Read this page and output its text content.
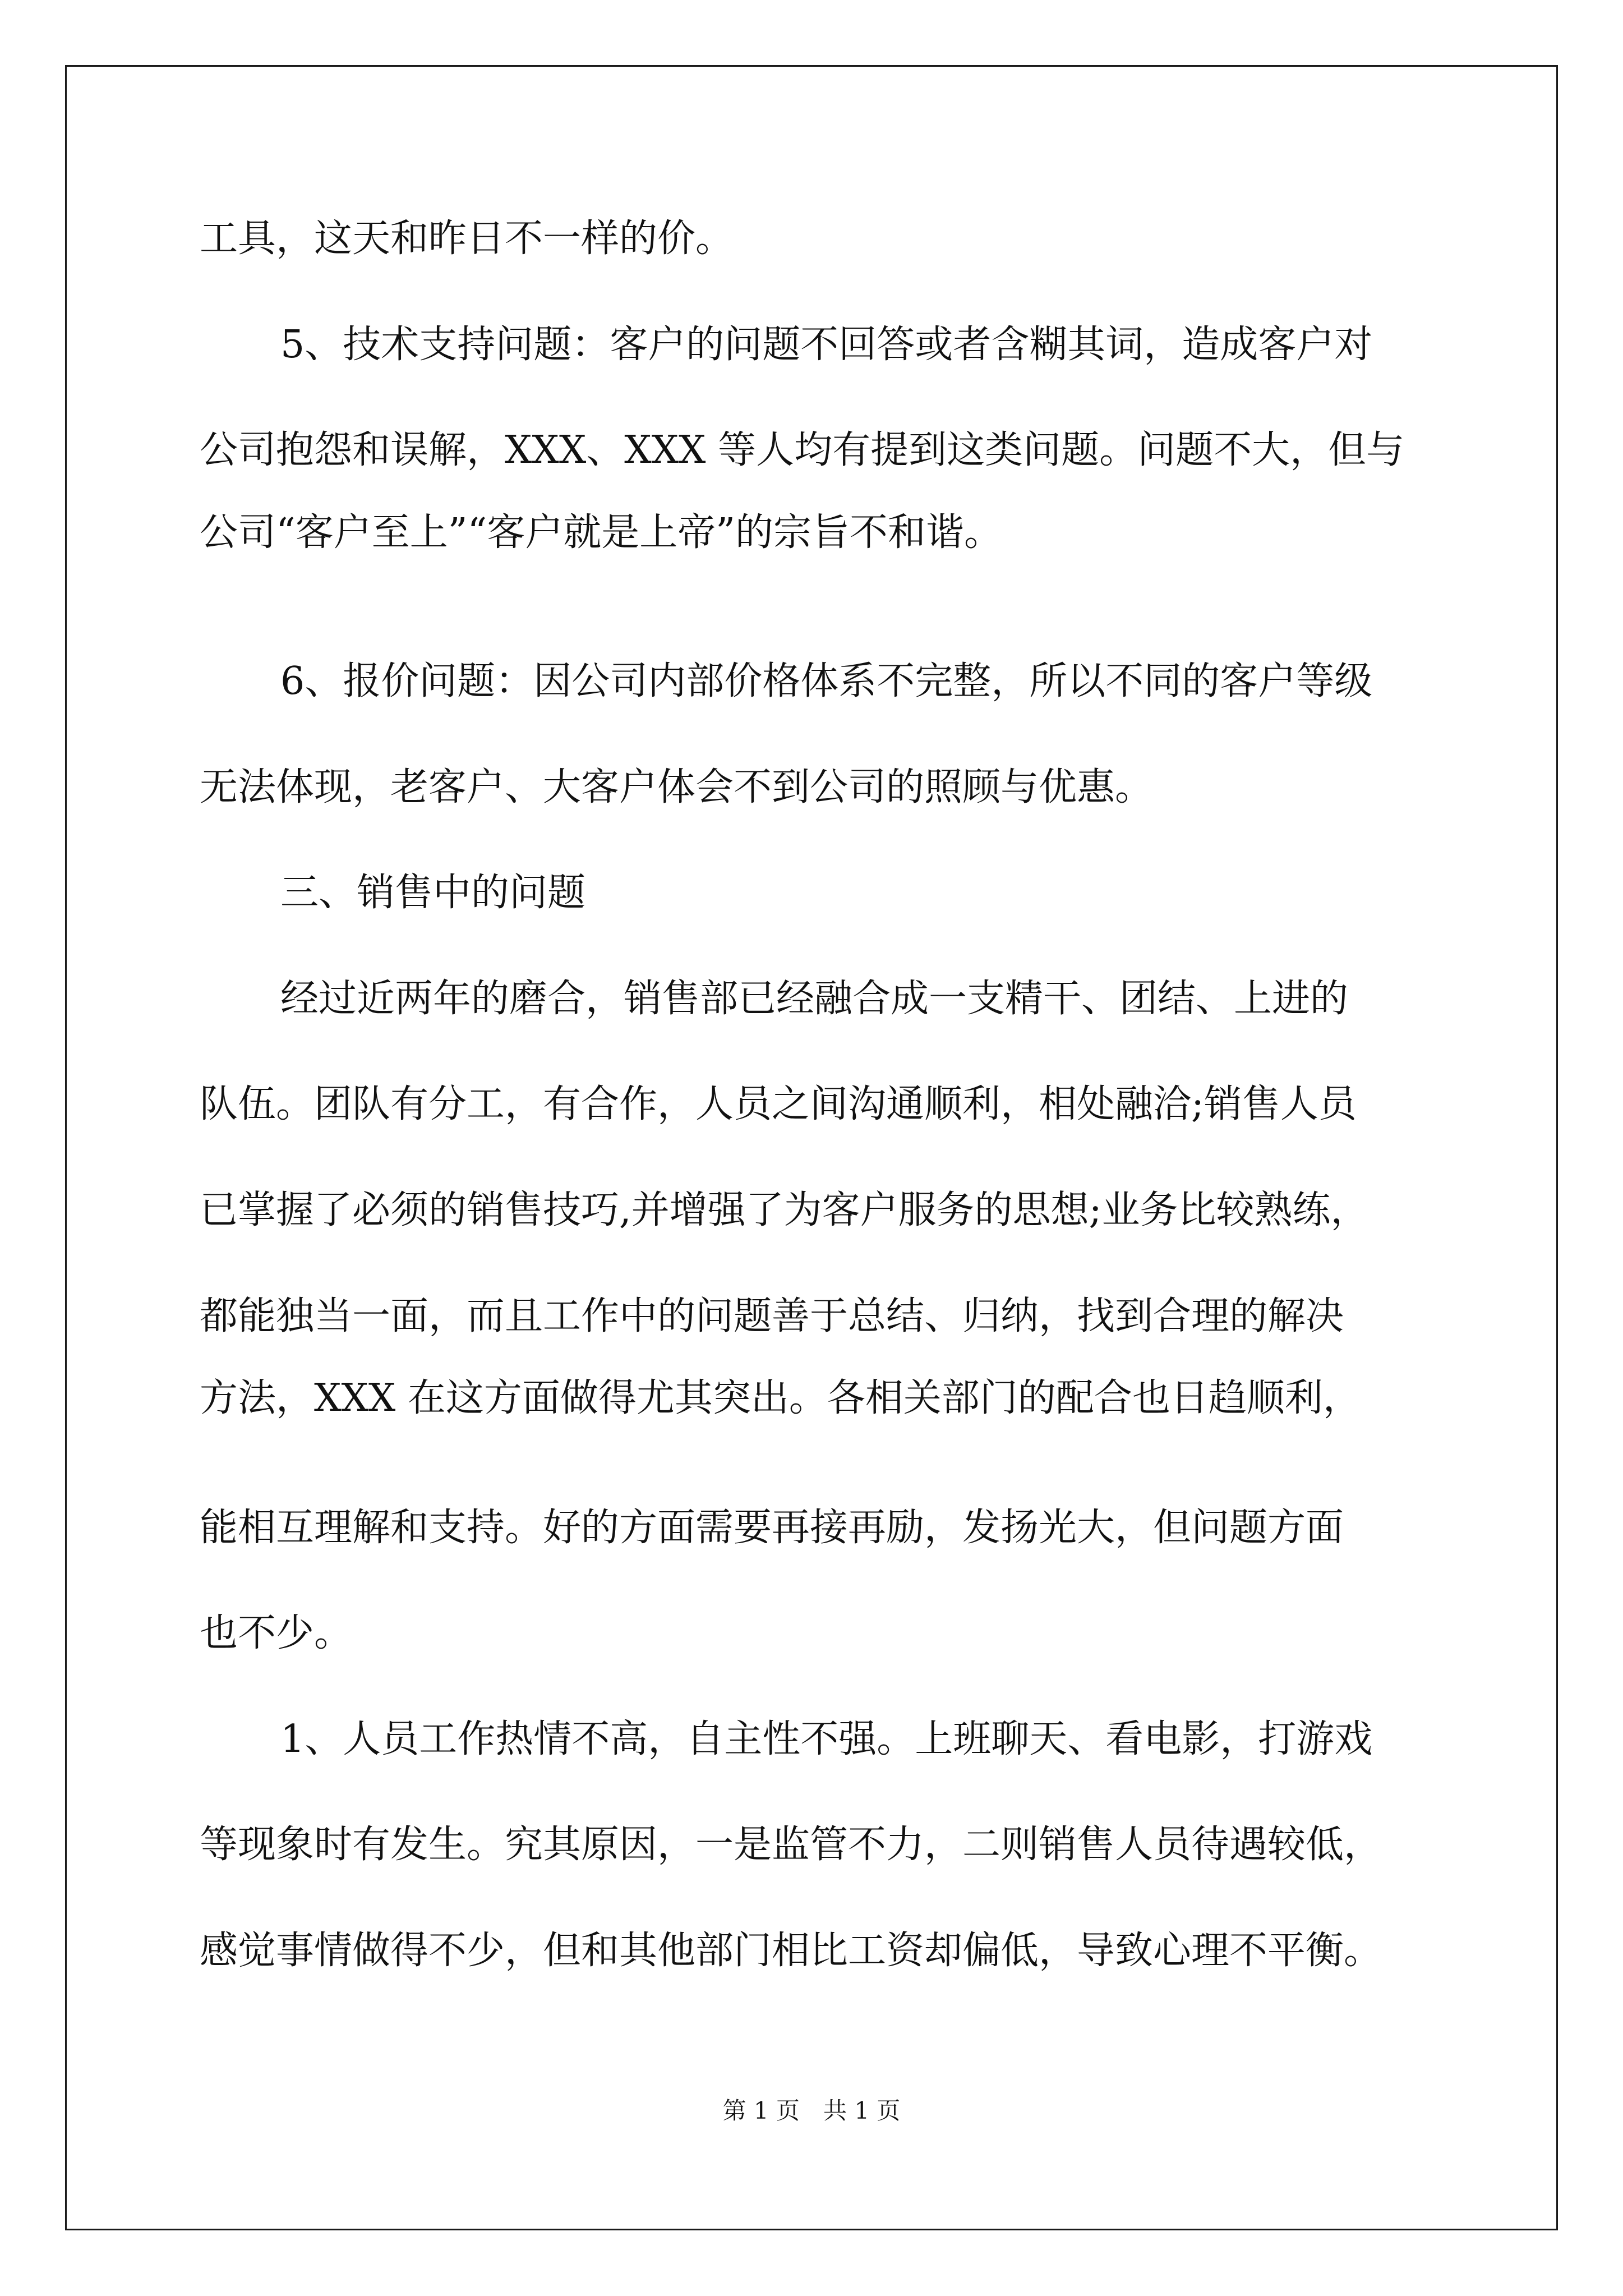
工具，这天和昨日不一样的价。

5、技术支持问题：客户的问题不回答或者含糊其词，造成客户对

公司抱怨和误解，XXX、XXX 等人均有提到这类问题。问题不大，但与

公司“客户至上”“客户就是上帝”的宗旨不和谐。

6、报价问题：因公司内部价格体系不完整，所以不同的客户等级

无法体现，老客户、大客户体会不到公司的照顾与优惠。

三、销售中的问题

经过近两年的磨合，销售部已经融合成一支精干、团结、上进的

队伍。团队有分工，有合作，人员之间沟通顺利，相处融洽;销售人员

已掌握了必须的销售技巧,并增强了为客户服务的思想;业务比较熟练，

都能独当一面，而且工作中的问题善于总结、归纳，找到合理的解决

方法，XXX 在这方面做得尤其突出。各相关部门的配合也日趋顺利，

能相互理解和支持。好的方面需要再接再励，发扬光大，但问题方面

也不少。

1、人员工作热情不高，自主性不强。上班聊天、看电影，打游戏

等现象时有发生。究其原因，一是监管不力，二则销售人员待遇较低，

感觉事情做得不少，但和其他部门相比工资却偏低，导致心理不平衡。

第 1 页　共 1 页
